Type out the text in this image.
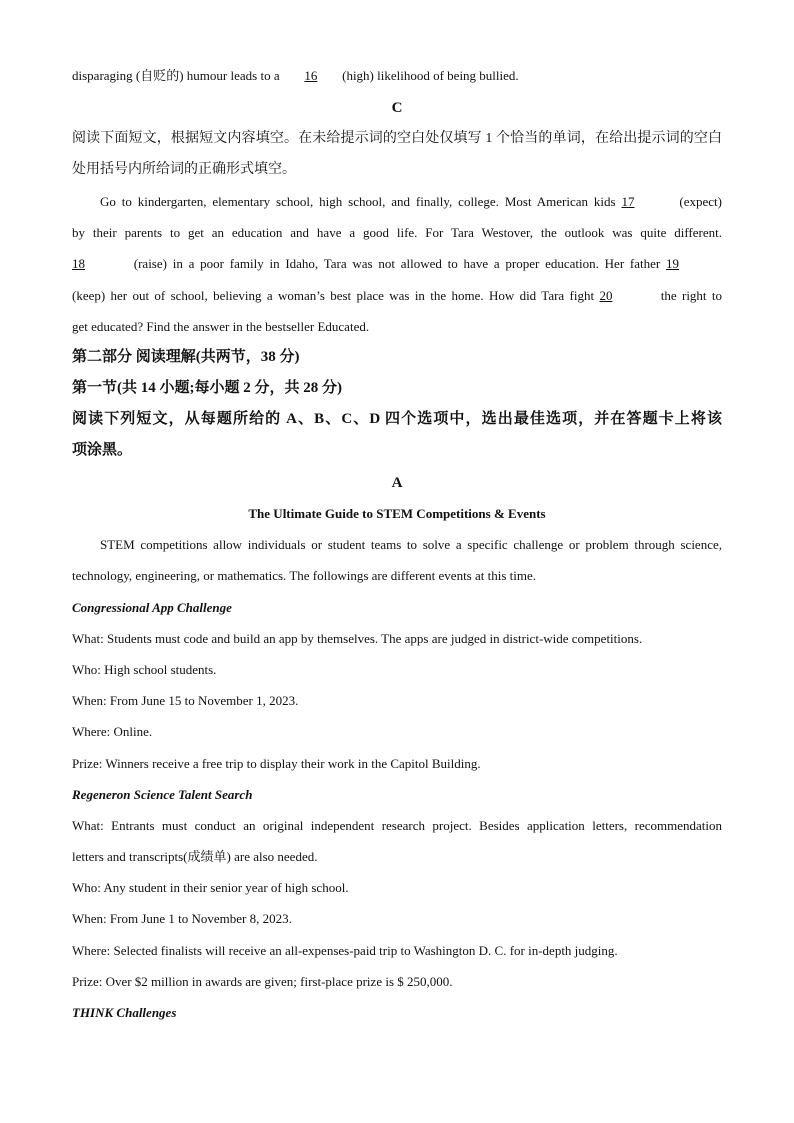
disparaging (自贬的) humour leads to a 16 (high) likelihood of being bullied.
C
阅读下面短文，根据短文内容填空。在未给提示词的空白处仅填写 1 个恰当的单词，在给出提示词的空白
处用括号内所给词的正确形式填空。
Go to kindergarten, elementary school, high school, and finally, college. Most American kids 17	(expect)
by their parents to get an education and have a good life. For Tara Westover, the outlook was quite different.
18	(raise) in a poor family in Idaho, Tara was not allowed to have a proper education. Her father 19
(keep) her out of school, believing a woman’s best place was in the home. How did Tara fight 20	the right to
get educated? Find the answer in the bestseller Educated.
第二部分 阅读理解(共两节，38 分)
第一节(共 14 小题;每小题 2 分，共 28 分)
阅读下列短文，从每题所给的 A、B、C、D 四个选项中，选出最佳选项，并在答题卡上将该
项涂黑。
A
The Ultimate Guide to STEM Competitions & Events
STEM competitions allow individuals or student teams to solve a specific challenge or problem through science,
technology, engineering, or mathematics. The followings are different events at this time.
Congressional App Challenge
What: Students must code and build an app by themselves. The apps are judged in district-wide competitions.
Who: High school students.
When: From June 15 to November 1, 2023.
Where: Online.
Prize: Winners receive a free trip to display their work in the Capitol Building.
Regeneron Science Talent Search
What: Entrants must conduct an original independent research project. Besides application letters, recommendation
letters and transcripts(成绩单) are also needed.
Who: Any student in their senior year of high school.
When: From June 1 to November 8, 2023.
Where: Selected finalists will receive an all-expenses-paid trip to Washington D. C. for in-depth judging.
Prize: Over $2 million in awards are given; first-place prize is $ 250,000.
THINK Challenges
